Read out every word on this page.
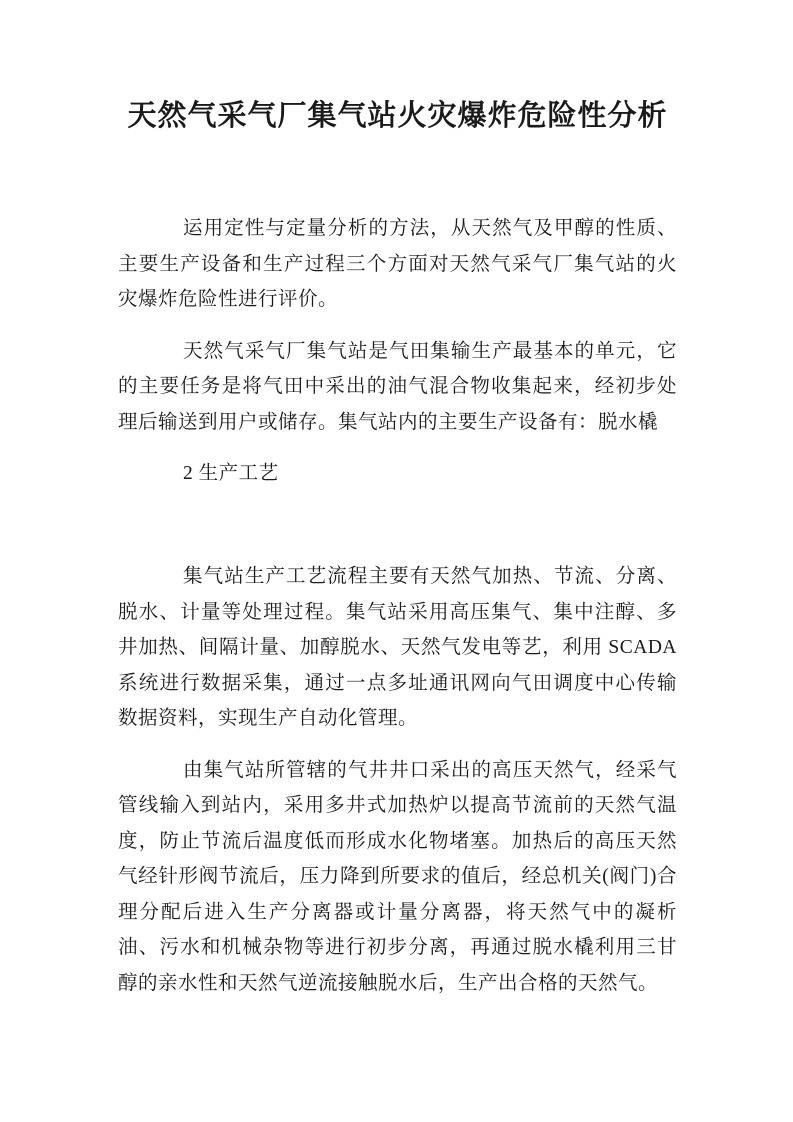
天然气采气厂集气站火灾爆炸危险性分析

运用定性与定量分析的方法，从天然气及甲醇的性质、主要生产设备和生产过程三个方面对天然气采气厂集气站的火灾爆炸危险性进行评价。

天然气采气厂集气站是气田集输生产最基本的单元，它的主要任务是将气田中采出的油气混合物收集起来，经初步处理后输送到用户或储存。集气站内的主要生产设备有：脱水橇

2 生产工艺

集气站生产工艺流程主要有天然气加热、节流、分离、脱水、计量等处理过程。集气站采用高压集气、集中注醇、多井加热、间隔计量、加醇脱水、天然气发电等艺，利用 SCADA 系统进行数据采集，通过一点多址通讯网向气田调度中心传输数据资料，实现生产自动化管理。

由集气站所管辖的气井井口采出的高压天然气，经采气管线输入到站内，采用多井式加热炉以提高节流前的天然气温度，防止节流后温度低而形成水化物堵塞。加热后的高压天然气经针形阀节流后，压力降到所要求的值后，经总机关(阀门)合理分配后进入生产分离器或计量分离器，将天然气中的凝析油、污水和机械杂物等进行初步分离，再通过脱水橇利用三甘醇的亲水性和天然气逆流接触脱水后，生产出合格的天然气。
